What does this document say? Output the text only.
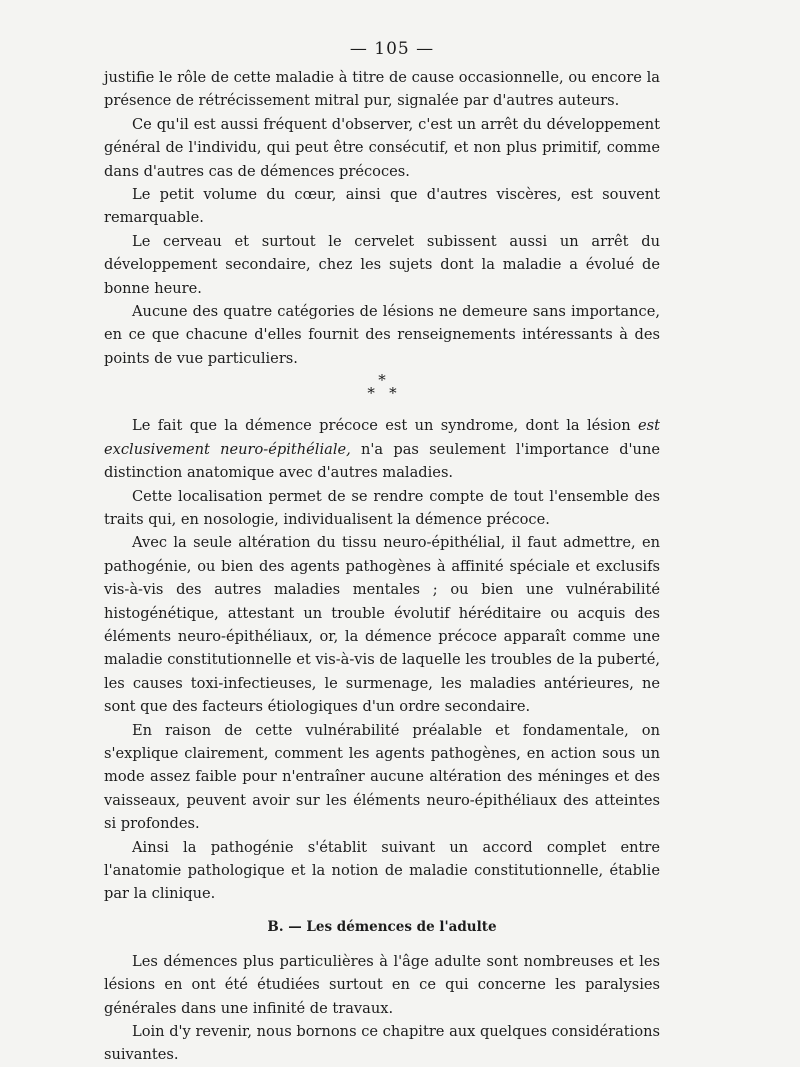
— 105 —

justifie le rôle de cette maladie à titre de cause occasionnelle, ou encore la présence de rétrécissement mitral pur, signalée par d'autres auteurs.

Ce qu'il est aussi fréquent d'observer, c'est un arrêt du développement général de l'individu, qui peut être consécutif, et non plus primitif, comme dans d'autres cas de démences précoces.

Le petit volume du cœur, ainsi que d'autres viscères, est souvent remarquable.

Le cerveau et surtout le cervelet subissent aussi un arrêt du développement secondaire, chez les sujets dont la maladie a évolué de bonne heure.

Aucune des quatre catégories de lésions ne demeure sans importance, en ce que chacune d'elles fournit des renseignements intéressants à des points de vue particuliers.

*
*   *

Le fait que la démence précoce est un syndrome, dont la lésion est exclusivement neuro-épithéliale, n'a pas seulement l'importance d'une distinction anatomique avec d'autres maladies.

Cette localisation permet de se rendre compte de tout l'ensemble des traits qui, en nosologie, individualisent la démence précoce.

Avec la seule altération du tissu neuro-épithélial, il faut admettre, en pathogénie, ou bien des agents pathogènes à affinité spéciale et exclusifs vis-à-vis des autres maladies mentales ; ou bien une vulnérabilité histogénétique, attestant un trouble évolutif héréditaire ou acquis des éléments neuro-épithéliaux, or, la démence précoce apparaît comme une maladie constitutionnelle et vis-à-vis de laquelle les troubles de la puberté, les causes toxi-infectieuses, le surmenage, les maladies antérieures, ne sont que des facteurs étiologiques d'un ordre secondaire.

En raison de cette vulnérabilité préalable et fondamentale, on s'explique clairement, comment les agents pathogènes, en action sous un mode assez faible pour n'entraîner aucune altération des méninges et des vaisseaux, peuvent avoir sur les éléments neuro-épithéliaux des atteintes si profondes.

Ainsi la pathogénie s'établit suivant un accord complet entre l'anatomie pathologique et la notion de maladie constitutionnelle, établie par la clinique.

B. — Les démences de l'adulte

Les démences plus particulières à l'âge adulte sont nombreuses et les lésions en ont été étudiées surtout en ce qui concerne les paralysies générales dans une infinité de travaux.

Loin d'y revenir, nous bornons ce chapitre aux quelques considérations suivantes.
